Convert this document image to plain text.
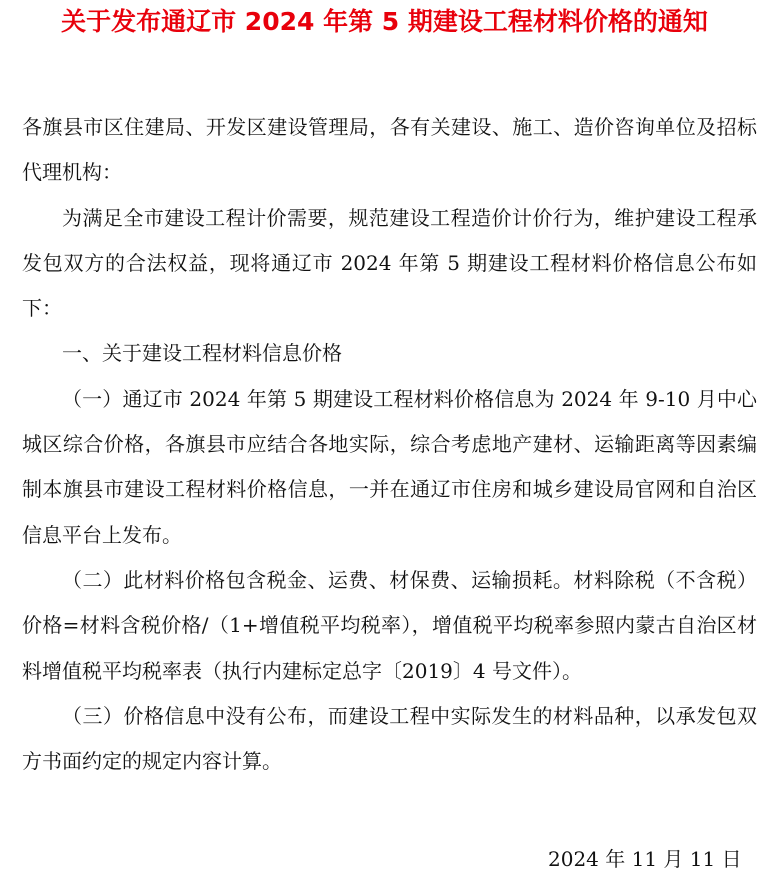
关于发布通辽市 2024 年第 5 期建设工程材料价格的通知

各旗县市区住建局、开发区建设管理局，各有关建设、施工、造价咨询单位及招标代理机构：

为满足全市建设工程计价需要，规范建设工程造价计价行为，维护建设工程承发包双方的合法权益，现将通辽市 2024 年第 5 期建设工程材料价格信息公布如下：

一、关于建设工程材料信息价格

（一）通辽市 2024 年第 5 期建设工程材料价格信息为 2024 年 9-10 月中心城区综合价格，各旗县市应结合各地实际，综合考虑地产建材、运输距离等因素编制本旗县市建设工程材料价格信息，一并在通辽市住房和城乡建设局官网和自治区信息平台上发布。

（二）此材料价格包含税金、运费、材保费、运输损耗。材料除税（不含税）价格=材料含税价格/（1+增值税平均税率），增值税平均税率参照内蒙古自治区材料增值税平均税率表（执行内建标定总字〔2019〕4 号文件）。

（三）价格信息中没有公布，而建设工程中实际发生的材料品种，以承发包双方书面约定的规定内容计算。

2024 年 11 月 11 日
